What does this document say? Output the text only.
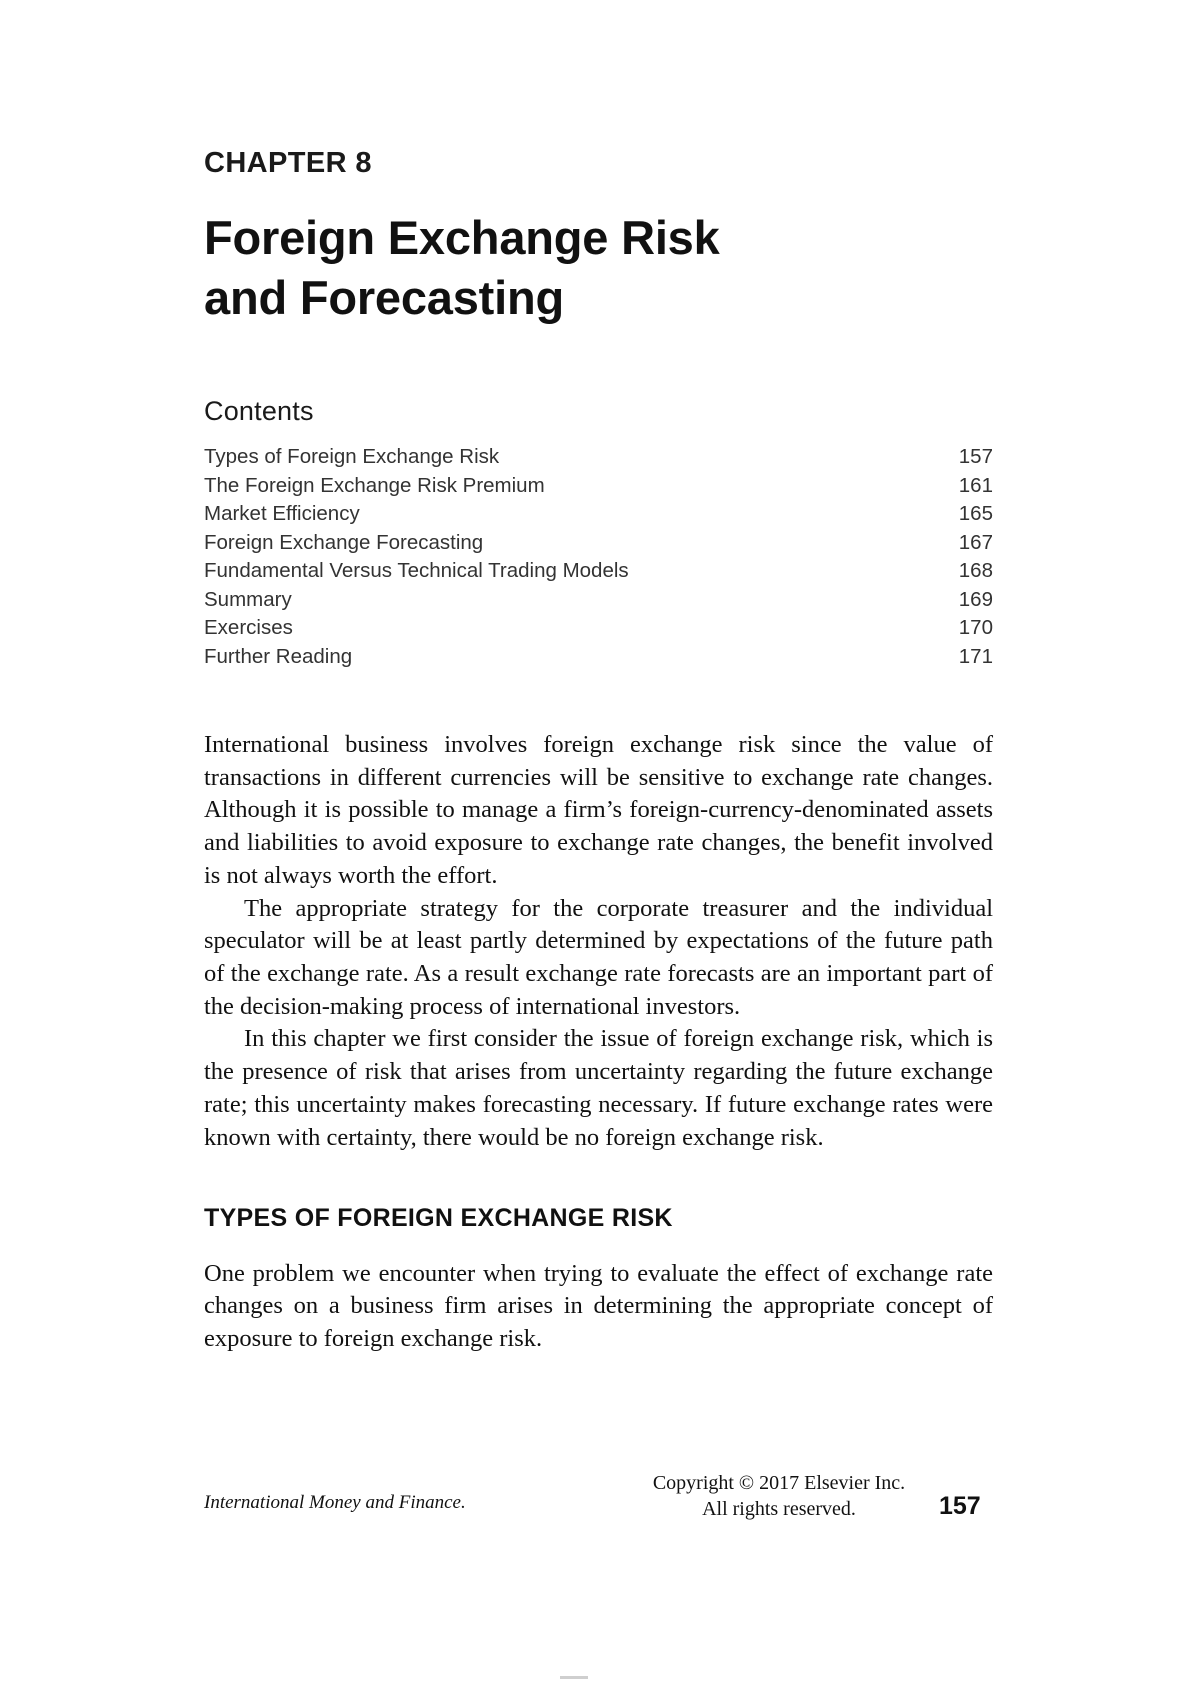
CHAPTER 8
Foreign Exchange Risk
and Forecasting
Contents
Types of Foreign Exchange Risk	157
The Foreign Exchange Risk Premium	161
Market Efficiency	165
Foreign Exchange Forecasting	167
Fundamental Versus Technical Trading Models	168
Summary	169
Exercises	170
Further Reading	171

International business involves foreign exchange risk since the value of transactions in different currencies will be sensitive to exchange rate changes. Although it is possible to manage a firm’s foreign-currency-denominated assets and liabilities to avoid exposure to exchange rate changes, the benefit involved is not always worth the effort.

The appropriate strategy for the corporate treasurer and the individual speculator will be at least partly determined by expectations of the future path of the exchange rate. As a result exchange rate forecasts are an important part of the decision-making process of international investors.

In this chapter we first consider the issue of foreign exchange risk, which is the presence of risk that arises from uncertainty regarding the future exchange rate; this uncertainty makes forecasting necessary. If future exchange rates were known with certainty, there would be no foreign exchange risk.

TYPES OF FOREIGN EXCHANGE RISK

One problem we encounter when trying to evaluate the effect of exchange rate changes on a business firm arises in determining the appropriate concept of exposure to foreign exchange risk.

International Money and Finance.
Copyright © 2017 Elsevier Inc.
All rights reserved.	157
